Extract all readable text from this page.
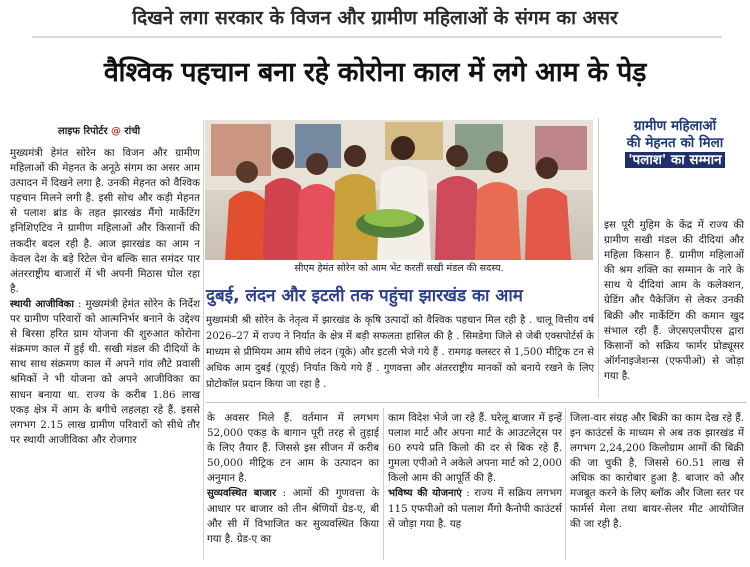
दिखने लगा सरकार के विजन और ग्रामीण महिलाओं के संगम का असर
वैश्विक पहचान बना रहे कोरोना काल में लगे आम के पेड़
लाइफ रिपोर्टर @ रांची

मुख्यमंत्री हेमंत सोरेन का विजन और ग्रामीण महिलाओं की मेहनत के अनूठे संगम का असर आम उत्पादन में दिखने लगा है. उनकी मेहनत को वैश्विक पहचान मिलने लगी है. इसी सोच और कड़ी मेहनत से पलाश ब्रांड के तहत झारखंड मैंगो मार्केटिंग इनिशिएटिव ने ग्रामीण महिलाओं और किसानों की तकदीर बदल रही है. आज झारखंड का आम न केवल देश के बड़े रिटेल चेन बल्कि सात समंदर पार अंतरराष्ट्रीय बाजारों में भी अपनी मिठास घोल रहा है.

स्थायी आजीविका : मुख्यमंत्री हेमंत सोरेन के निर्देश पर ग्रामीण परिवारों को आत्मनिर्भर बनाने के उद्देश्य से बिरसा हरित ग्राम योजना की शुरुआत कोरोना संक्रमण काल में हुई थी. सखी मंडल की दीदियों के साथ साथ संक्रमण काल में अपने गांव लौटे प्रवासी श्रमिकों ने भी योजना को अपने आजीविका का साधन बनाया था. राज्य के करीब 1.86 लाख एकड़ क्षेत्र में आम के बगीचे लहलहा रहे हैं. इससे लगभग 2.15 लाख ग्रामीण परिवारों को सीधे तौर पर स्थायी आजीविका और रोजगार

सीएम हेमंत सोरेन को आम भेंट करतीं सखी मंडल की सदस्य.
दुबई, लंदन और इटली तक पहुंचा झारखंड का आम
मुख्यमंत्री श्री सोरेन के नेतृत्व में झारखंड के कृषि उत्पादों को वैश्विक पहचान मिल रही है . चालू वित्तीय वर्ष 2026–27 में राज्य ने निर्यात के क्षेत्र में बड़ी सफलता हासिल की है . सिमडेगा जिले से जेबी एक्सपोर्टर्स के माध्यम से प्रीमियम आम सीधे लंदन (यूके) और इटली भेजे गये हैं . रामगढ़ क्लस्टर से 1,500 मीट्रिक टन से अधिक आम दुबई (यूएई) निर्यात किये गये हैं . गुणवत्ता और अंतरराष्ट्रीय मानकों को बनाये रखने के लिए प्रोटोकॉल प्रदान किया जा रहा है .
ग्रामीण महिलाओं
की मेहनत को मिला
'पलाश' का सम्मान

इस पूरी मुहिम के केंद्र में राज्य की ग्रामीण सखी मंडल की दीदियां और महिला किसान हैं. ग्रामीण महिलाओं की श्रम शक्ति का सम्मान के नारे के साथ ये दीदियां आम के कलेक्शन, ग्रेडिंग और पैकेजिंग से लेकर उनकी बिक्री और मार्केटिंग की कमान खुद संभाल रही हैं. जेएसएलपीएस द्वारा किसानों को सक्रिय फार्मर प्रोड्यूसर ऑर्गनाइजेशन्स (एफपीओ) से जोड़ा गया है.

के अवसर मिले हैं. वर्तमान में लगभग 52,000 एकड़ के बागान पूरी तरह से तुड़ाई के लिए तैयार हैं. जिससे इस सीजन में करीब 50,000 मीट्रिक टन आम के उत्पादन का अनुमान है.

सुव्यवस्थित बाजार : आमों की गुणवत्ता के आधार पर बाजार को तीन श्रेणियों ग्रेड-ए, बी और सी में विभाजित कर सुव्यवस्थित किया गया है. ग्रेड-ए का

काम विदेश भेजे जा रहे हैं. घरेलू बाजार में इन्हें पलाश मार्ट और अपना मार्ट के आउटलेट्स पर 60 रुपये प्रति किलो की दर से बिक रहे हैं. गुमला एपीओ ने अकेले अपना मार्ट को 2,000 किलो आम की आपूर्ति की है.

भविष्य की योजनाएं : राज्य में सक्रिय लगभग 115 एफपीओ को पलाश मैंगो कैनोपी काउंटर्स से जोड़ा गया है. यह

जिला-वार संग्रह और बिक्री का काम देख रहे हैं. इन काउंटर्स के माध्यम से अब तक झारखंड में लगभग 2,24,200 किलोग्राम आमों की बिक्री की जा चुकी है, जिससे 60.51 लाख से अधिक का कारोबार हुआ है. बाजार को और मजबूत करने के लिए ब्लॉक और जिला स्तर पर फार्मर्स मेला तथा बायर-सेलर मीट आयोजित की जा रही है.
